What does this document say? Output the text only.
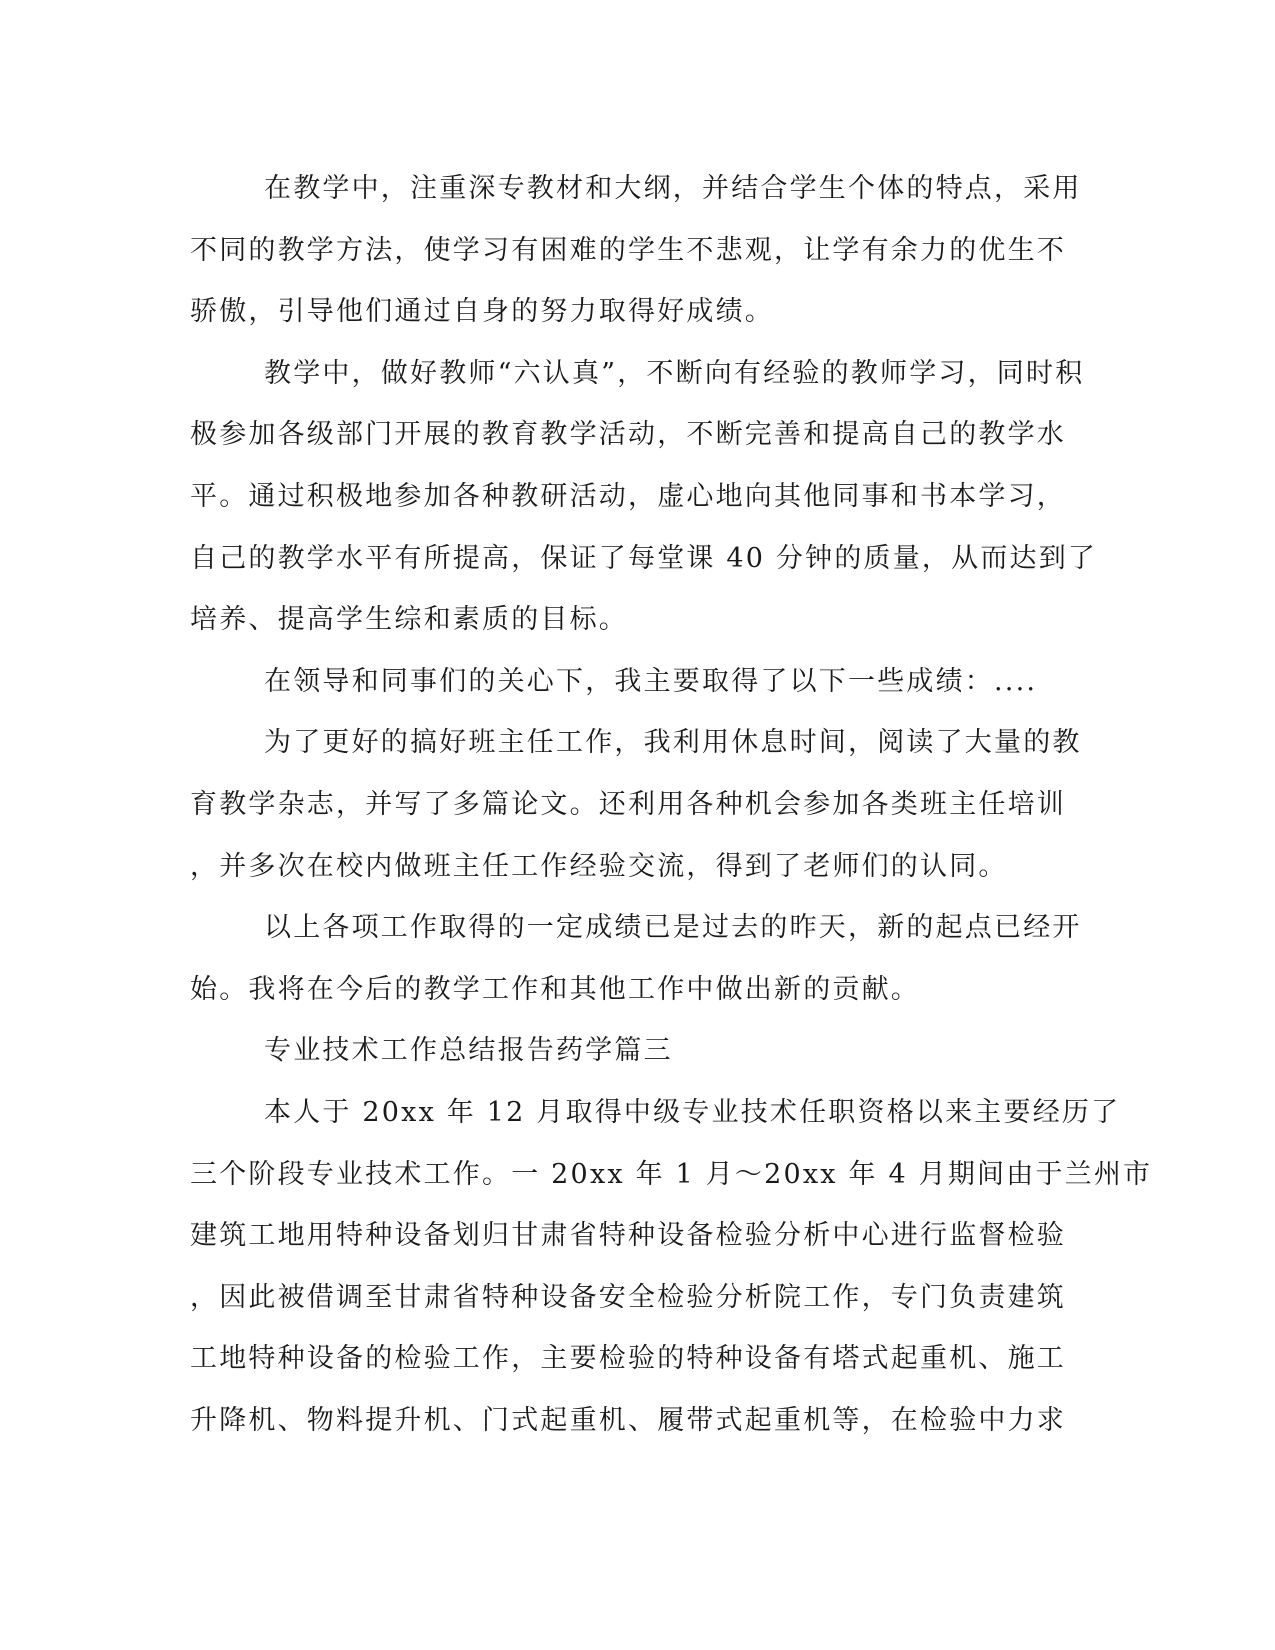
在教学中，注重深专教材和大纲，并结合学生个体的特点，采用
不同的教学方法，使学习有困难的学生不悲观，让学有余力的优生不
骄傲，引导他们通过自身的努力取得好成绩。
教学中，做好教师“六认真”，不断向有经验的教师学习，同时积
极参加各级部门开展的教育教学活动，不断完善和提高自己的教学水
平。通过积极地参加各种教研活动，虚心地向其他同事和书本学习，
自己的教学水平有所提高，保证了每堂课 40 分钟的质量，从而达到了
培养、提高学生综和素质的目标。
在领导和同事们的关心下，我主要取得了以下一些成绩：....
为了更好的搞好班主任工作，我利用休息时间，阅读了大量的教
育教学杂志，并写了多篇论文。还利用各种机会参加各类班主任培训
，并多次在校内做班主任工作经验交流，得到了老师们的认同。
以上各项工作取得的一定成绩已是过去的昨天，新的起点已经开
始。我将在今后的教学工作和其他工作中做出新的贡献。
专业技术工作总结报告药学篇三
本人于 20xx 年 12 月取得中级专业技术任职资格以来主要经历了
三个阶段专业技术工作。一 20xx 年 1 月～20xx 年 4 月期间由于兰州市
建筑工地用特种设备划归甘肃省特种设备检验分析中心进行监督检验
，因此被借调至甘肃省特种设备安全检验分析院工作，专门负责建筑
工地特种设备的检验工作，主要检验的特种设备有塔式起重机、施工
升降机、物料提升机、门式起重机、履带式起重机等，在检验中力求
